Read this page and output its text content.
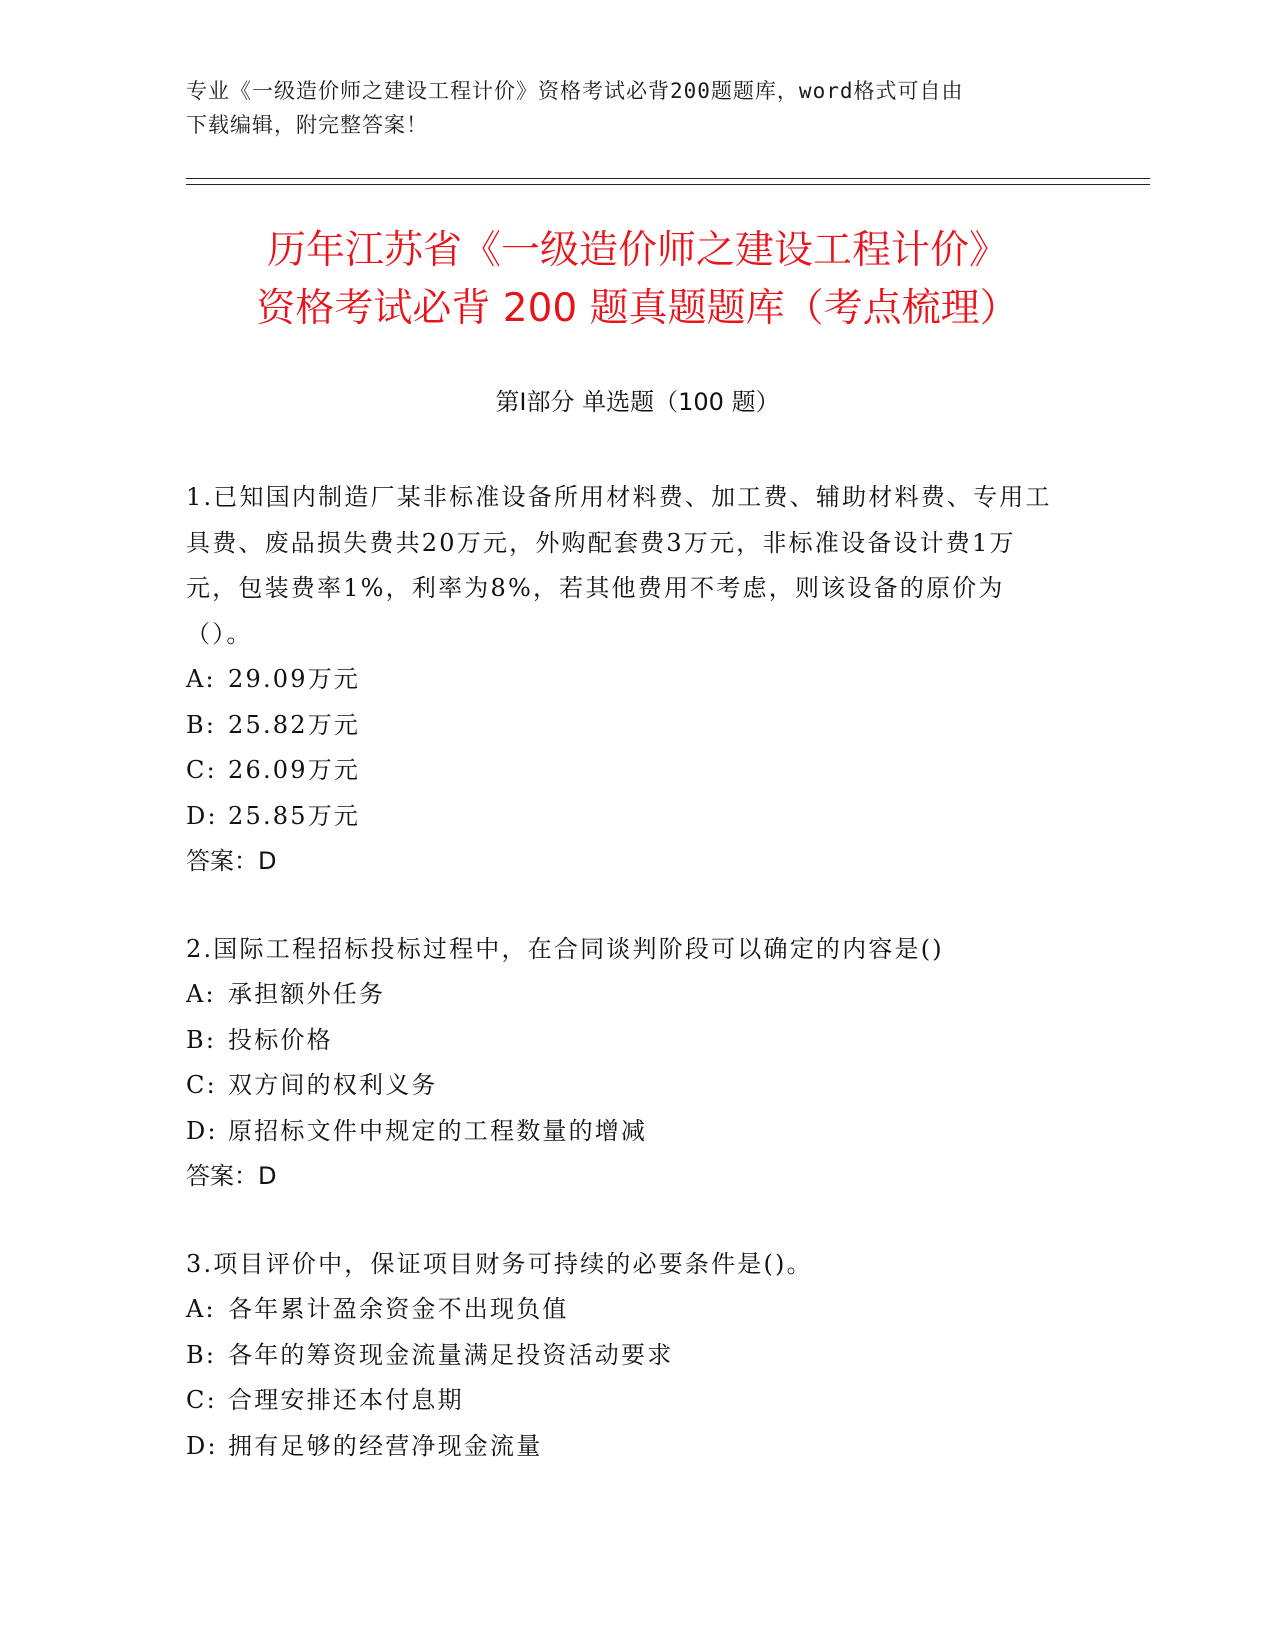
专业《一级造价师之建设工程计价》资格考试必背200题题库，word格式可自由
下载编辑，附完整答案！

历年江苏省《一级造价师之建设工程计价》
资格考试必背 200 题真题题库（考点梳理）
第Ⅰ部分 单选题（100 题）

1.已知国内制造厂某非标准设备所用材料费、加工费、辅助材料费、专用工具费、废品损失费共20万元，外购配套费3万元，非标准设备设计费1万元，包装费率1%，利率为8%，若其他费用不考虑，则该设备的原价为（）。

A: 29.09万元
B: 25.82万元
C: 26.09万元
D: 25.85万元

答案：D

2.国际工程招标投标过程中，在合同谈判阶段可以确定的内容是()

A: 承担额外任务
B: 投标价格
C: 双方间的权利义务
D: 原招标文件中规定的工程数量的增减

答案：D

3.项目评价中，保证项目财务可持续的必要条件是()。

A: 各年累计盈余资金不出现负值
B: 各年的筹资现金流量满足投资活动要求
C: 合理安排还本付息期
D: 拥有足够的经营净现金流量
